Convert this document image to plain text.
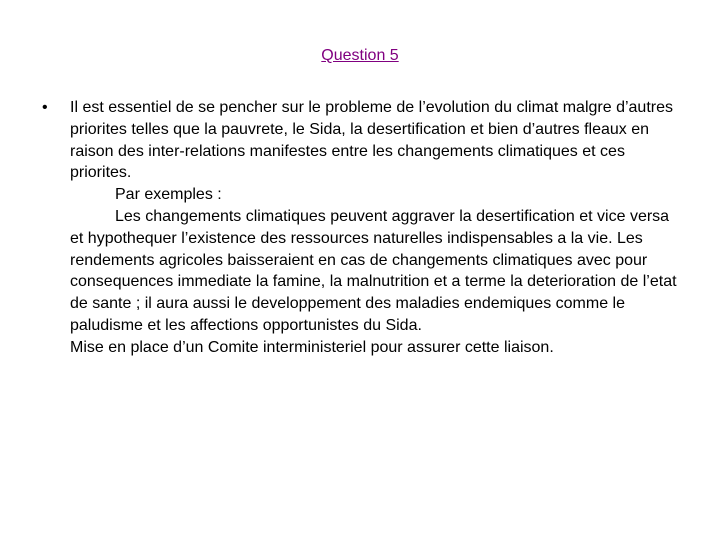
Question 5
• Il est essentiel de se pencher sur le probleme de l’evolution du climat malgre d’autres priorites telles que la pauvrete, le Sida, la desertification et bien d’autres fleaux en raison des inter-relations manifestes entre les changements climatiques et ces priorites.

Par exemples :

Les changements climatiques peuvent aggraver la desertification et vice versa et hypothequer l’existence des ressources naturelles indispensables a la vie. Les rendements agricoles baisseraient en cas de changements climatiques avec pour consequences immediate la famine, la malnutrition et a terme la deterioration de l’etat de sante ; il aura aussi le developpement des maladies endemiques comme le paludisme et les affections opportunistes du Sida.

Mise en place d’un Comite interministeriel pour assurer cette liaison.
